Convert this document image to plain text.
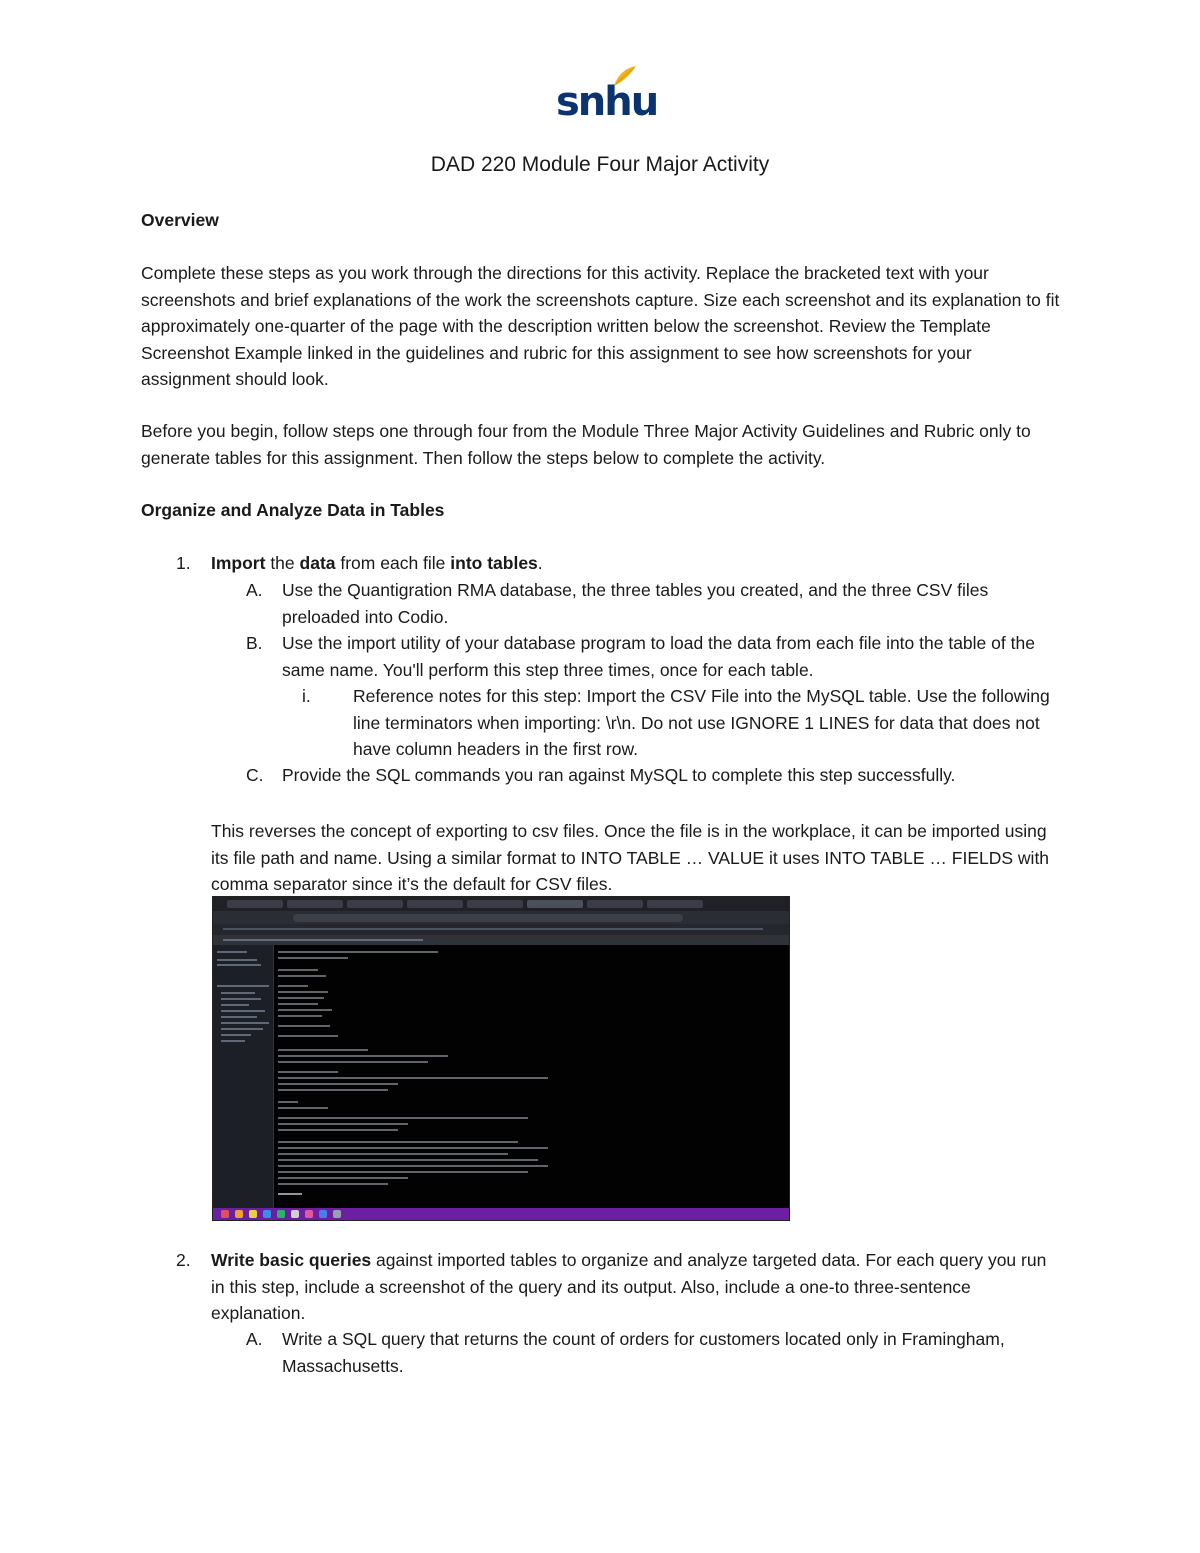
snhu
DAD 220 Module Four Major Activity
Overview
Complete these steps as you work through the directions for this activity. Replace the bracketed text with your screenshots and brief explanations of the work the screenshots capture. Size each screenshot and its explanation to fit approximately one-quarter of the page with the description written below the screenshot. Review the Template Screenshot Example linked in the guidelines and rubric for this assignment to see how screenshots for your assignment should look.
Before you begin, follow steps one through four from the Module Three Major Activity Guidelines and Rubric only to generate tables for this assignment. Then follow the steps below to complete the activity.
Organize and Analyze Data in Tables
1. Import the data from each file into tables.
A. Use the Quantigration RMA database, the three tables you created, and the three CSV files preloaded into Codio.
B. Use the import utility of your database program to load the data from each file into the table of the same name. You'll perform this step three times, once for each table.
i. Reference notes for this step: Import the CSV File into the MySQL table. Use the following line terminators when importing: \r\n. Do not use IGNORE 1 LINES for data that does not have column headers in the first row.
C. Provide the SQL commands you ran against MySQL to complete this step successfully.
This reverses the concept of exporting to csv files. Once the file is in the workplace, it can be imported using its file path and name. Using a similar format to INTO TABLE … VALUE it uses INTO TABLE … FIELDS with comma separator since it’s the default for CSV files.
2. Write basic queries against imported tables to organize and analyze targeted data. For each query you run in this step, include a screenshot of the query and its output. Also, include a one-to three-sentence explanation.
A. Write a SQL query that returns the count of orders for customers located only in Framingham, Massachusetts.
